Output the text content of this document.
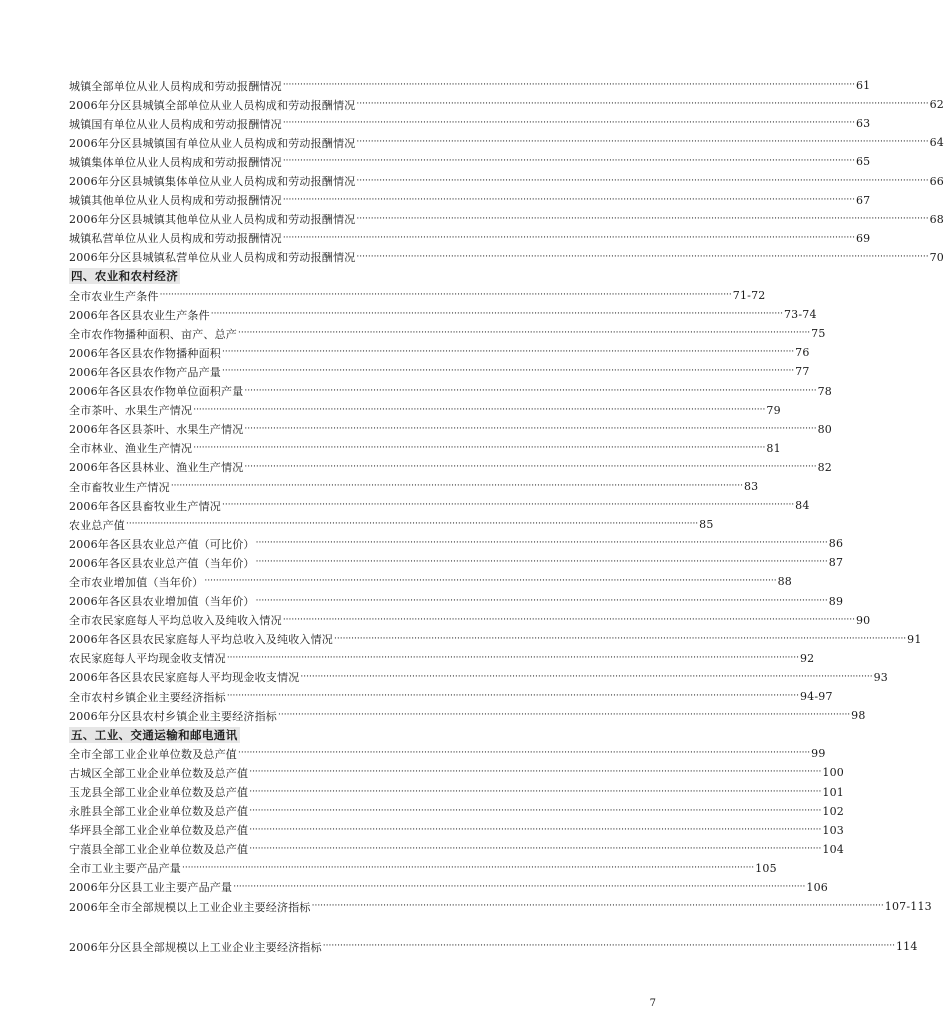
城镇全部单位从业人员构成和劳动报酬情况 ········································································································································································································ 61
2006年分区县城镇全部单位从业人员构成和劳动报酬情况 ········································································································································································································ 62
城镇国有单位从业人员构成和劳动报酬情况 ········································································································································································································ 63
2006年分区县城镇国有单位从业人员构成和劳动报酬情况 ········································································································································································································ 64
城镇集体单位从业人员构成和劳动报酬情况 ········································································································································································································ 65
2006年分区县城镇集体单位从业人员构成和劳动报酬情况 ········································································································································································································ 66
城镇其他单位从业人员构成和劳动报酬情况 ········································································································································································································ 67
2006年分区县城镇其他单位从业人员构成和劳动报酬情况 ········································································································································································································ 68
城镇私营单位从业人员构成和劳动报酬情况 ········································································································································································································ 69
2006年分区县城镇私营单位从业人员构成和劳动报酬情况 ········································································································································································································ 70
四、农业和农村经济
全市农业生产条件 ········································································································································································································ 71-72
2006年各区县农业生产条件 ········································································································································································································ 73-74
全市农作物播种面积、亩产、总产 ········································································································································································································ 75
2006年各区县农作物播种面积 ········································································································································································································ 76
2006年各区县农作物产品产量 ········································································································································································································ 77
2006年各区县农作物单位面积产量 ········································································································································································································ 78
全市茶叶、水果生产情况 ········································································································································································································ 79
2006年各区县茶叶、水果生产情况 ········································································································································································································ 80
全市林业、渔业生产情况 ········································································································································································································ 81
2006年各区县林业、渔业生产情况 ········································································································································································································ 82
全市畜牧业生产情况 ········································································································································································································ 83
2006年各区县畜牧业生产情况 ········································································································································································································ 84
农业总产值 ········································································································································································································ 85
2006年各区县农业总产值（可比价） ········································································································································································································ 86
2006年各区县农业总产值（当年价） ········································································································································································································ 87
全市农业增加值（当年价） ········································································································································································································ 88
2006年各区县农业增加值（当年价） ········································································································································································································ 89
全市农民家庭每人平均总收入及纯收入情况 ········································································································································································································ 90
2006年各区县农民家庭每人平均总收入及纯收入情况 ········································································································································································································ 91
农民家庭每人平均现金收支情况 ········································································································································································································ 92
2006年各区县农民家庭每人平均现金收支情况 ········································································································································································································ 93
全市农村乡镇企业主要经济指标 ········································································································································································································ 94-97
2006年分区县农村乡镇企业主要经济指标 ········································································································································································································ 98
五、工业、交通运输和邮电通讯
全市全部工业企业单位数及总产值 ········································································································································································································ 99
古城区全部工业企业单位数及总产值 ········································································································································································································ 100
玉龙县全部工业企业单位数及总产值 ········································································································································································································ 101
永胜县全部工业企业单位数及总产值 ········································································································································································································ 102
华坪县全部工业企业单位数及总产值 ········································································································································································································ 103
宁蒗县全部工业企业单位数及总产值 ········································································································································································································ 104
全市工业主要产品产量 ········································································································································································································ 105
2006年分区县工业主要产品产量 ········································································································································································································ 106
2006年全市全部规模以上工业企业主要经济指标 ········································································································································································································ 107-113
2006年分区县全部规模以上工业企业主要经济指标 ········································································································································································································ 114
7
